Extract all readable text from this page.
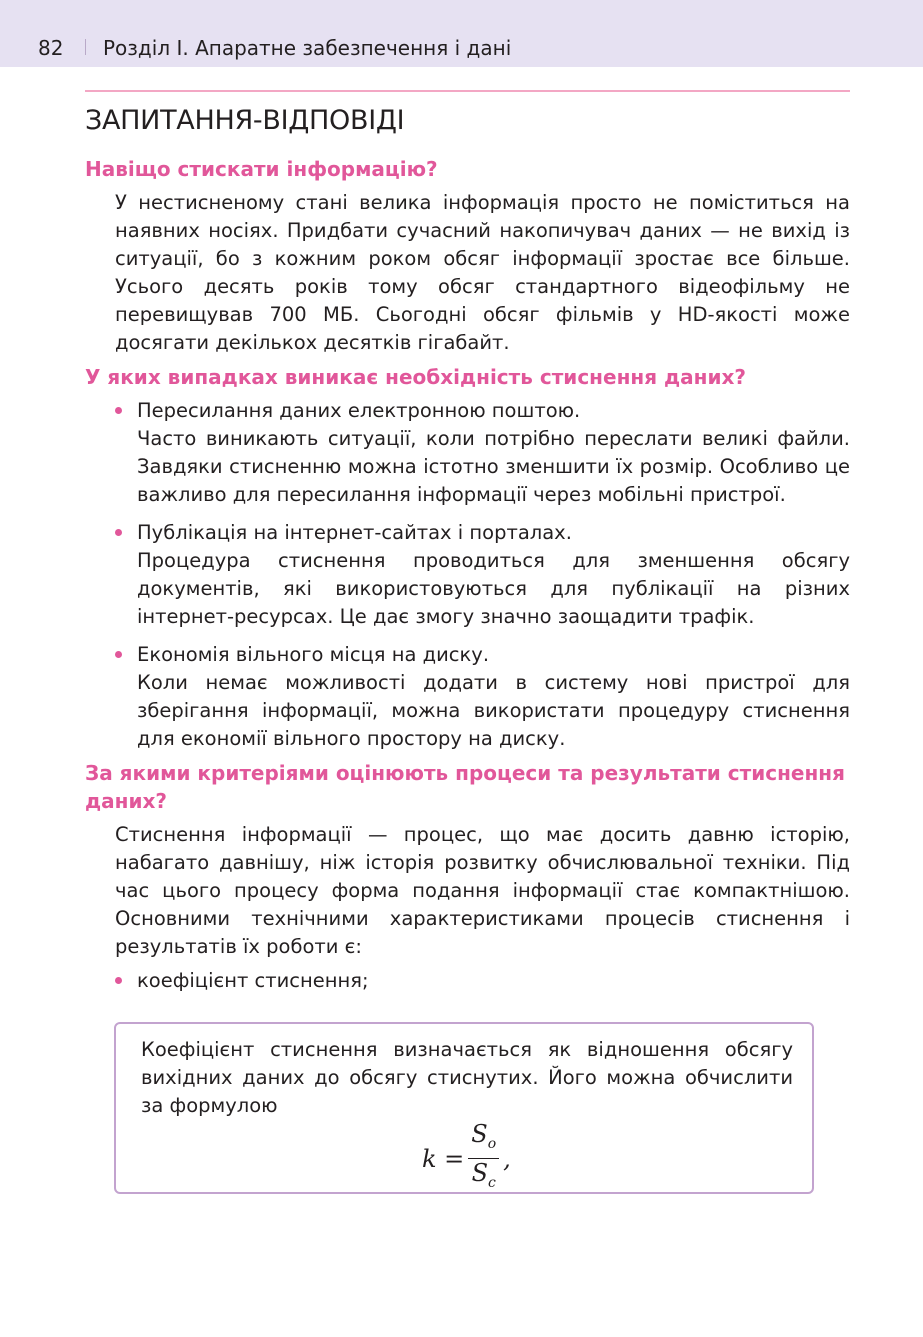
82 Розділ І. Апаратне забезпечення і дані
ЗАПИТАННЯ-ВІДПОВІДІ

Навіщо стискати інформацію?

У нестисненому стані велика інформація просто не поміститься на наявних носіях. Придбати сучасний накопичувач даних — не вихід із ситуації, бо з кожним роком обсяг інформації зростає все більше. Усього десять років тому обсяг стандартного відеофільму не перевищував 700 МБ. Сьогодні обсяг фільмів у HD-якості може досягати декількох десятків гігабайт.

У яких випадках виникає необхідність стиснення даних?

Пересилання даних електронною поштою.
Часто виникають ситуації, коли потрібно переслати великі файли. Завдяки стисненню можна істотно зменшити їх розмір. Особливо це важливо для пересилання інформації через мобільні пристрої.
Публікація на інтернет-сайтах і порталах.
Процедура стиснення проводиться для зменшення обсягу документів, які використовуються для публікації на різних інтернет-ресурсах. Це дає змогу значно заощадити трафік.
Економія вільного місця на диску.
Коли немає можливості додати в систему нові пристрої для зберігання інформації, можна використати процедуру стиснення для економії вільного простору на диску.

За якими критеріями оцінюють процеси та результати стиснення даних?

Стиснення інформації — процес, що має досить давню історію, набагато давнішу, ніж історія розвитку обчислювальної техніки. Під час цього процесу форма подання інформації стає компактнішою. Основними технічними характеристиками процесів стиснення і результатів їх роботи є:

коефіцієнт стиснення;
Коефіцієнт стиснення визначається як відношення обсягу вихідних даних до обсягу стиснутих. Його можна обчислити за формулою
$k = \frac{S_o}{S_c}$ ,
